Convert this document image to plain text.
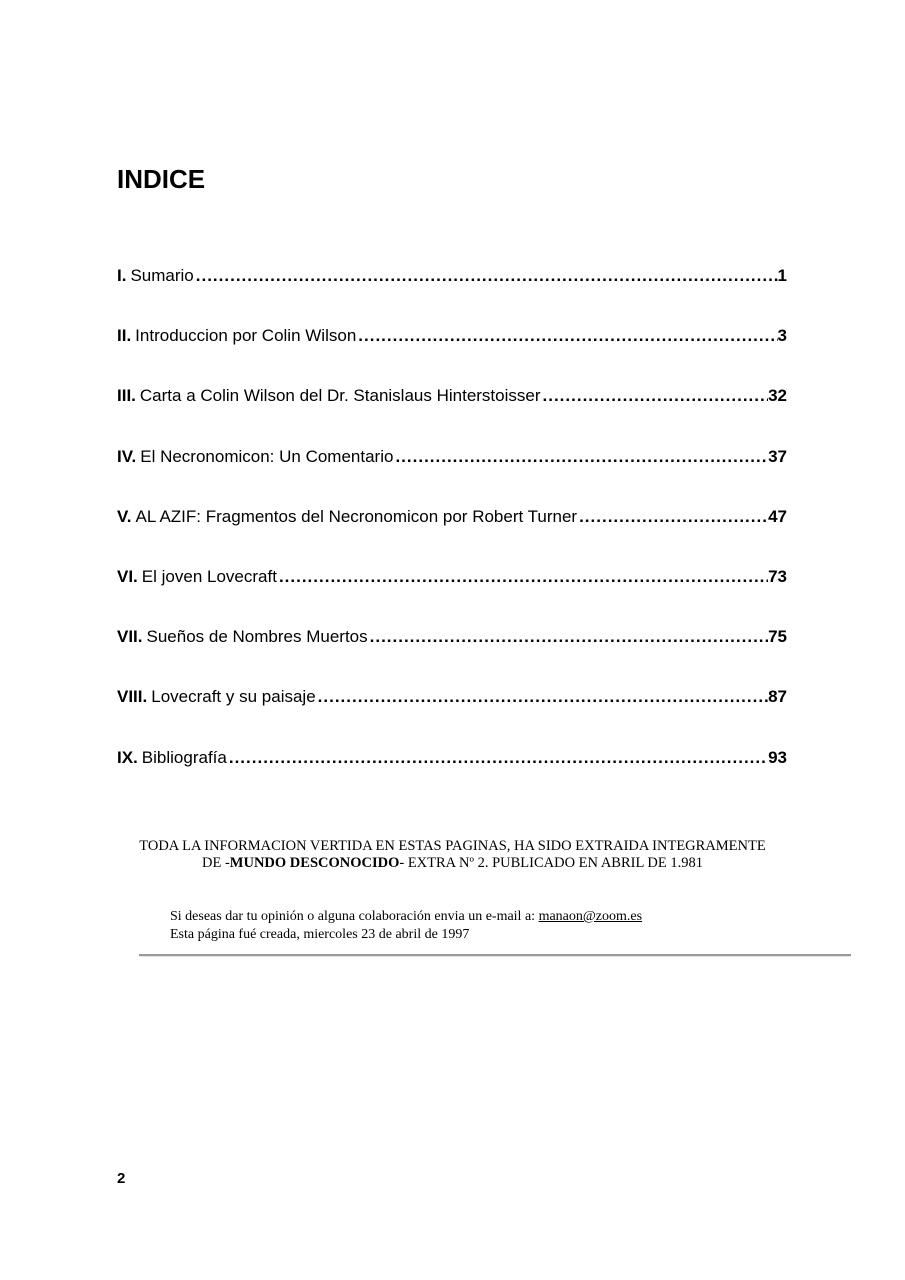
INDICE
I. Sumario .....	1
II. Introduccion por Colin Wilson .....	3
III. Carta a Colin Wilson del Dr. Stanislaus Hinterstoisser .....	32
IV. El Necronomicon: Un Comentario .....	37
V. AL AZIF: Fragmentos del Necronomicon por Robert Turner .....	47
VI. El joven Lovecraft .....	73
VII. Sueños de Nombres Muertos .....	75
VIII. Lovecraft y su paisaje .....	87
IX. Bibliografía .....	93
TODA LA INFORMACION VERTIDA EN ESTAS PAGINAS, HA SIDO EXTRAIDA INTEGRAMENTE
DE -MUNDO DESCONOCIDO- EXTRA Nº 2. PUBLICADO EN ABRIL DE 1.981
Si deseas dar tu opinión o alguna colaboración envia un e-mail a: manaon@zoom.es
Esta página fué creada, miercoles 23 de abril de 1997
2
